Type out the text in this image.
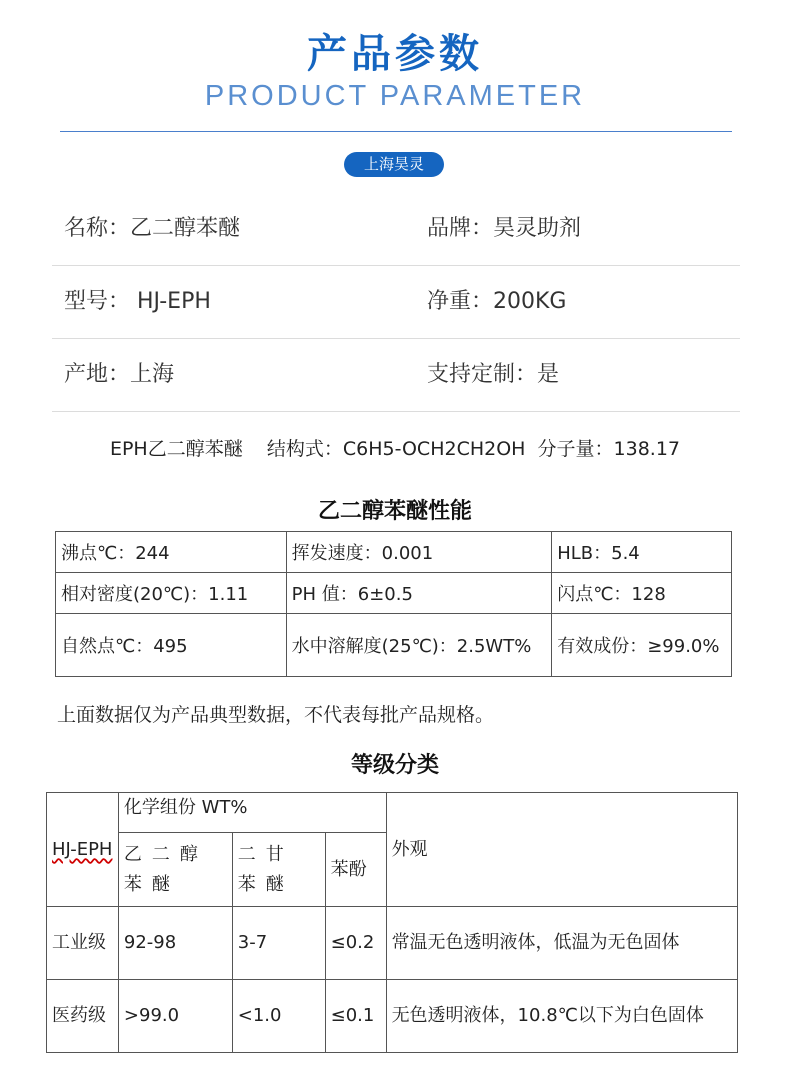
产品参数
PRODUCT PARAMETER
上海昊灵
名称：乙二醇苯醚	品牌：昊灵助剂
型号： HJ-EPH	净重：200KG
产地：上海	支持定制：是
EPH乙二醇苯醚    结构式：C6H5-OCH2CH2OH  分子量：138.17
乙二醇苯醚性能
沸点℃：244	挥发速度：0.001	HLB：5.4
相对密度(20℃)：1.11	PH 值：6±0.5	闪点℃：128
自然点℃：495	水中溶解度(25℃)：2.5WT%	有效成份：≥99.0%
上面数据仅为产品典型数据，不代表每批产品规格。
等级分类
HJ-EPH	化学组份 WT%			外观
	乙二醇苯醚	二甘苯醚	苯酚	
工业级	92-98	3-7	≤0.2	常温无色透明液体，低温为无色固体
医药级	>99.0	<1.0	≤0.1	无色透明液体，10.8℃以下为白色固体
